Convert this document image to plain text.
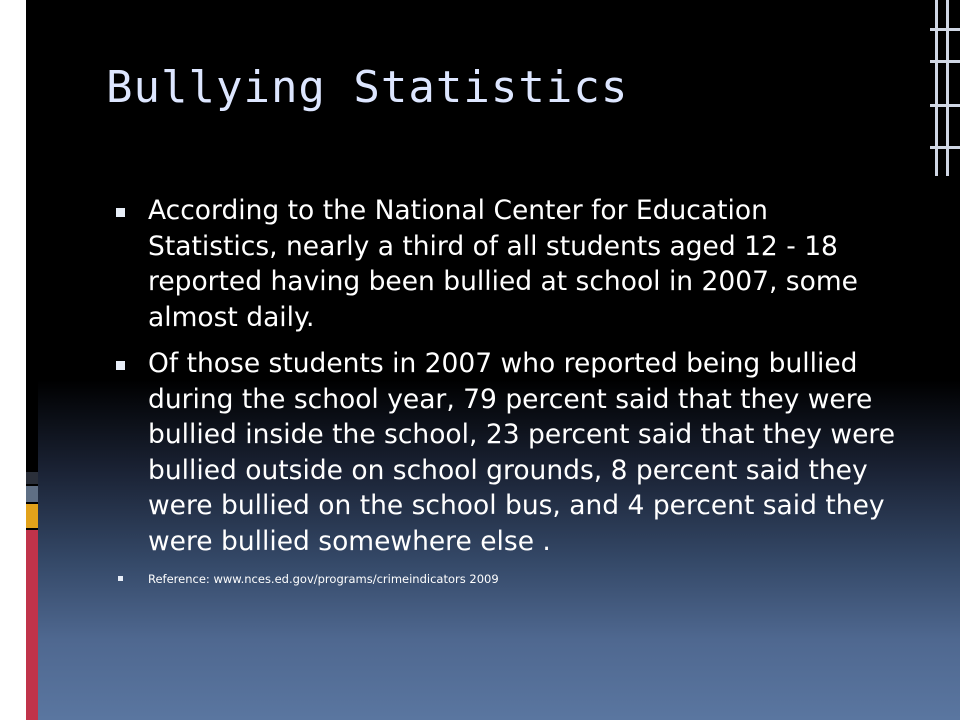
Bullying Statistics
According to the National Center for Education Statistics, nearly a third of all students aged 12 - 18 reported having been bullied at school in 2007, some almost daily.
Of those students in 2007 who reported being bullied during the school year, 79 percent said that they were bullied inside the school, 23 percent said that they were bullied outside on school grounds, 8 percent said they were bullied on the school bus, and 4 percent said they were bullied somewhere else .
Reference: www.nces.ed.gov/programs/crimeindicators 2009
